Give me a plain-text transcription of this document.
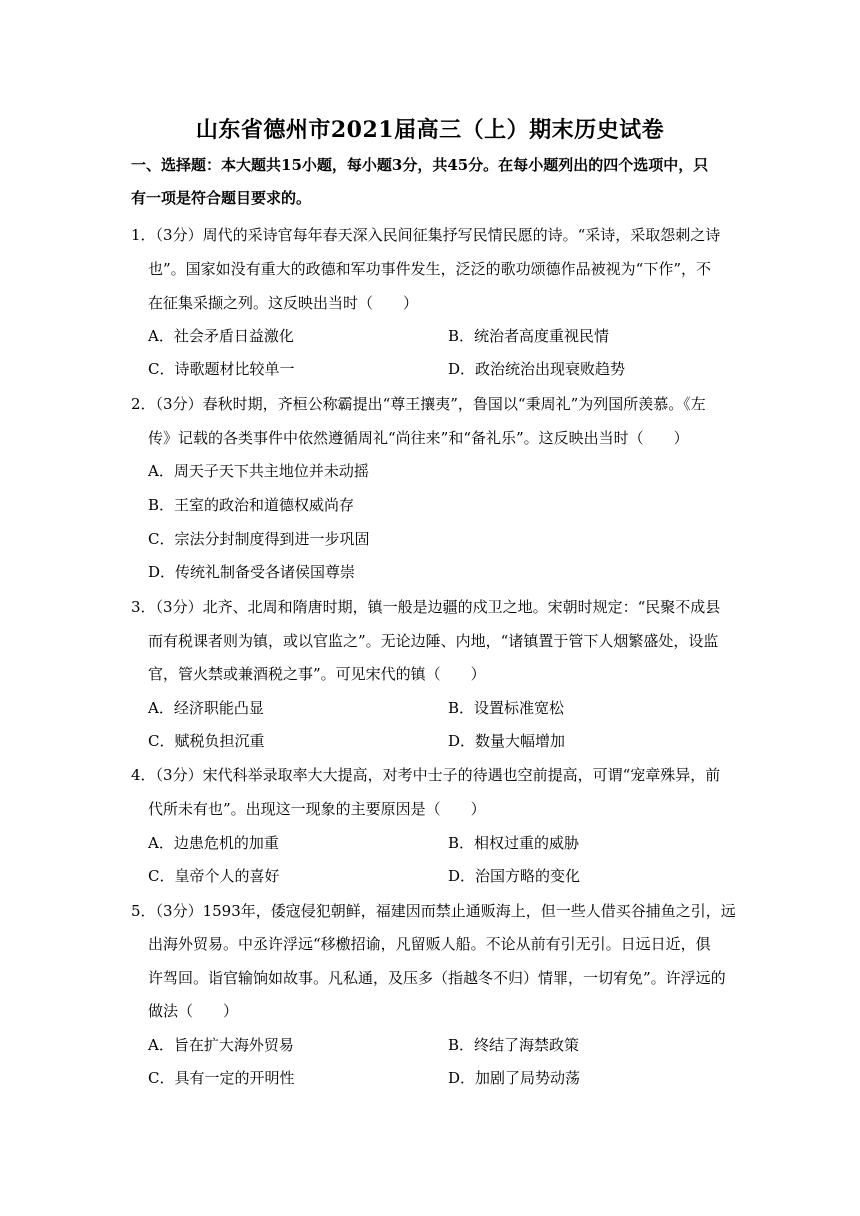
山东省德州市2021届高三（上）期末历史试卷
一、选择题：本大题共15小题，每小题3分，共45分。在每小题列出的四个选项中，只
有一项是符合题目要求的。
1．（3分）周代的采诗官每年春天深入民间征集抒写民情民愿的诗。“采诗，采取怨刺之诗
也”。国家如没有重大的政德和军功事件发生，泛泛的歌功颂德作品被视为“下作”，不
在征集采撷之列。这反映出当时（　　）
A．社会矛盾日益激化	B．统治者高度重视民情
C．诗歌题材比较单一	D．政治统治出现衰败趋势
2．（3分）春秋时期，齐桓公称霸提出“尊王攘夷”，鲁国以“秉周礼”为列国所羡慕。《左
传》记载的各类事件中依然遵循周礼“尚往来”和“备礼乐”。这反映出当时（　　）
A．周天子天下共主地位并未动摇
B．王室的政治和道德权威尚存
C．宗法分封制度得到进一步巩固
D．传统礼制备受各诸侯国尊崇
3．（3分）北齐、北周和隋唐时期，镇一般是边疆的戍卫之地。宋朝时规定：“民聚不成县
而有税课者则为镇，或以官监之”。无论边陲、内地，“诸镇置于管下人烟繁盛处，设监
官，管火禁或兼酒税之事”。可见宋代的镇（　　）
A．经济职能凸显	B．设置标准宽松
C．赋税负担沉重	D．数量大幅增加
4．（3分）宋代科举录取率大大提高，对考中士子的待遇也空前提高，可谓“宠章殊异，前
代所未有也”。出现这一现象的主要原因是（　　）
A．边患危机的加重	B．相权过重的威胁
C．皇帝个人的喜好	D．治国方略的变化
5．（3分）1593年，倭寇侵犯朝鲜，福建因而禁止通贩海上，但一些人借买谷捕鱼之引，远
出海外贸易。中丞许浮远“移檄招谕，凡留贩人船。不论从前有引无引。日远日近，俱
许驾回。诣官输饷如故事。凡私通，及压多（指越冬不归）情罪，一切宥免”。许浮远的
做法（　　）
A．旨在扩大海外贸易	B．终结了海禁政策
C．具有一定的开明性	D．加剧了局势动荡
